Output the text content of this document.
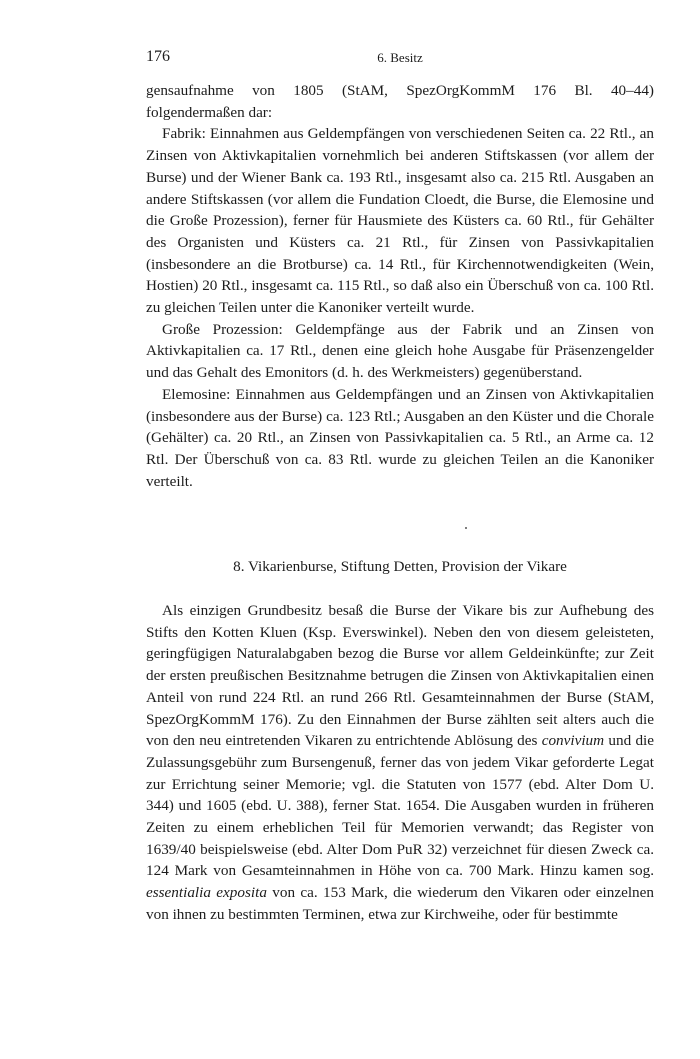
176	6. Besitz

gensaufnahme von 1805 (StAM, SpezOrgKommM 176 Bl. 40–44) folgendermaßen dar:

Fabrik: Einnahmen aus Geldempfängen von verschiedenen Seiten ca. 22 Rtl., an Zinsen von Aktivkapitalien vornehmlich bei anderen Stiftskassen (vor allem der Burse) und der Wiener Bank ca. 193 Rtl., insgesamt also ca. 215 Rtl. Ausgaben an andere Stiftskassen (vor allem die Fundation Cloedt, die Burse, die Elemosine und die Große Prozession), ferner für Hausmiete des Küsters ca. 60 Rtl., für Gehälter des Organisten und Küsters ca. 21 Rtl., für Zinsen von Passivkapitalien (insbesondere an die Brotburse) ca. 14 Rtl., für Kirchennotwendigkeiten (Wein, Hostien) 20 Rtl., insgesamt ca. 115 Rtl., so daß also ein Überschuß von ca. 100 Rtl. zu gleichen Teilen unter die Kanoniker verteilt wurde.

Große Prozession: Geldempfänge aus der Fabrik und an Zinsen von Aktivkapitalien ca. 17 Rtl., denen eine gleich hohe Ausgabe für Präsenzengelder und das Gehalt des Emonitors (d. h. des Werkmeisters) gegenüberstand.

Elemosine: Einnahmen aus Geldempfängen und an Zinsen von Aktivkapitalien (insbesondere aus der Burse) ca. 123 Rtl.; Ausgaben an den Küster und die Chorale (Gehälter) ca. 20 Rtl., an Zinsen von Passivkapitalien ca. 5 Rtl., an Arme ca. 12 Rtl. Der Überschuß von ca. 83 Rtl. wurde zu gleichen Teilen an die Kanoniker verteilt.

8. Vikarienburse, Stiftung Detten, Provision der Vikare

Als einzigen Grundbesitz besaß die Burse der Vikare bis zur Aufhebung des Stifts den Kotten Kluen (Ksp. Everswinkel). Neben den von diesem geleisteten, geringfügigen Naturalabgaben bezog die Burse vor allem Geldeinkünfte; zur Zeit der ersten preußischen Besitznahme betrugen die Zinsen von Aktivkapitalien einen Anteil von rund 224 Rtl. an rund 266 Rtl. Gesamteinnahmen der Burse (StAM, SpezOrgKommM 176). Zu den Einnahmen der Burse zählten seit alters auch die von den neu eintretenden Vikaren zu entrichtende Ablösung des convivium und die Zulassungsgebühr zum Bursengenuß, ferner das von jedem Vikar geforderte Legat zur Errichtung seiner Memorie; vgl. die Statuten von 1577 (ebd. Alter Dom U. 344) und 1605 (ebd. U. 388), ferner Stat. 1654. Die Ausgaben wurden in früheren Zeiten zu einem erheblichen Teil für Memorien verwandt; das Register von 1639/40 beispielsweise (ebd. Alter Dom PuR 32) verzeichnet für diesen Zweck ca. 124 Mark von Gesamteinnahmen in Höhe von ca. 700 Mark. Hinzu kamen sog. essentialia exposita von ca. 153 Mark, die wiederum den Vikaren oder einzelnen von ihnen zu bestimmten Terminen, etwa zur Kirchweihe, oder für bestimmte
